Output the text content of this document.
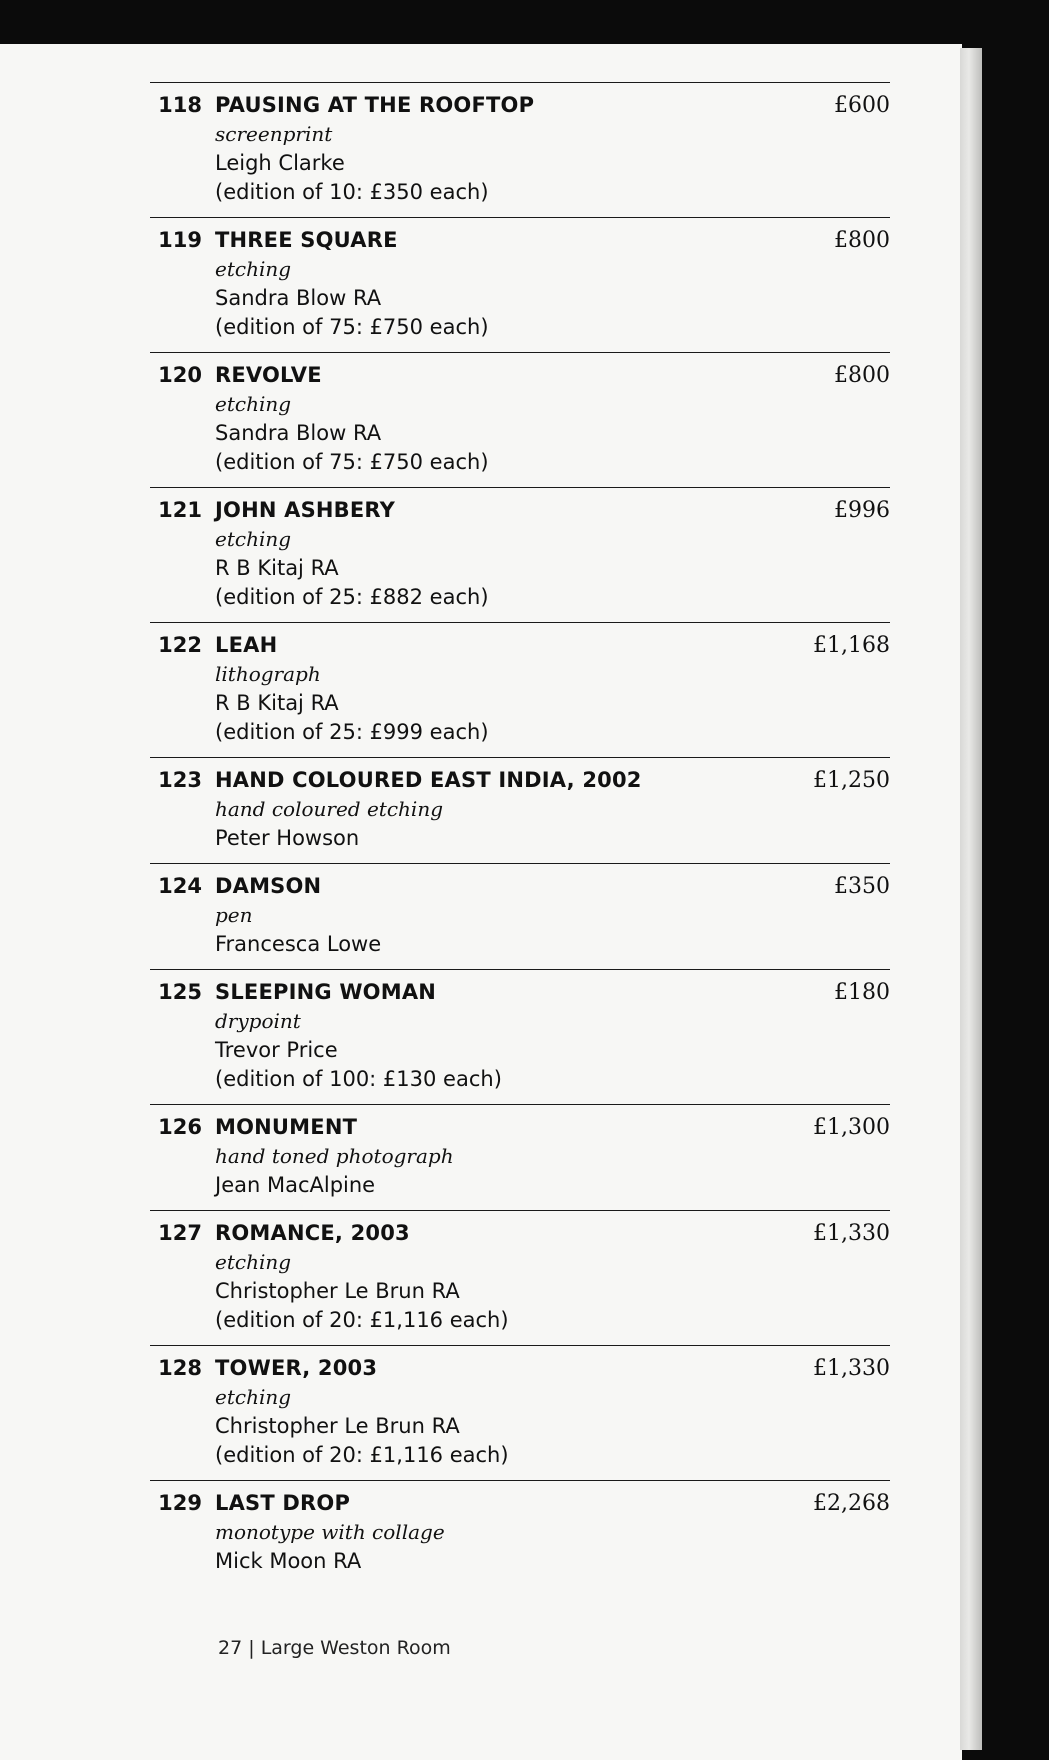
118 PAUSING AT THE ROOFTOP
screenprint
Leigh Clarke
(edition of 10: £350 each)
£600
119 THREE SQUARE
etching
Sandra Blow RA
(edition of 75: £750 each)
£800
120 REVOLVE
etching
Sandra Blow RA
(edition of 75: £750 each)
£800
121 JOHN ASHBERY
etching
R B Kitaj RA
(edition of 25: £882 each)
£996
122 LEAH
lithograph
R B Kitaj RA
(edition of 25: £999 each)
£1,168
123 HAND COLOURED EAST INDIA, 2002
hand coloured etching
Peter Howson
£1,250
124 DAMSON
pen
Francesca Lowe
£350
125 SLEEPING WOMAN
drypoint
Trevor Price
(edition of 100: £130 each)
£180
126 MONUMENT
hand toned photograph
Jean MacAlpine
£1,300
127 ROMANCE, 2003
etching
Christopher Le Brun RA
(edition of 20: £1,116 each)
£1,330
128 TOWER, 2003
etching
Christopher Le Brun RA
(edition of 20: £1,116 each)
£1,330
129 LAST DROP
monotype with collage
Mick Moon RA
£2,268
27 | Large Weston Room
